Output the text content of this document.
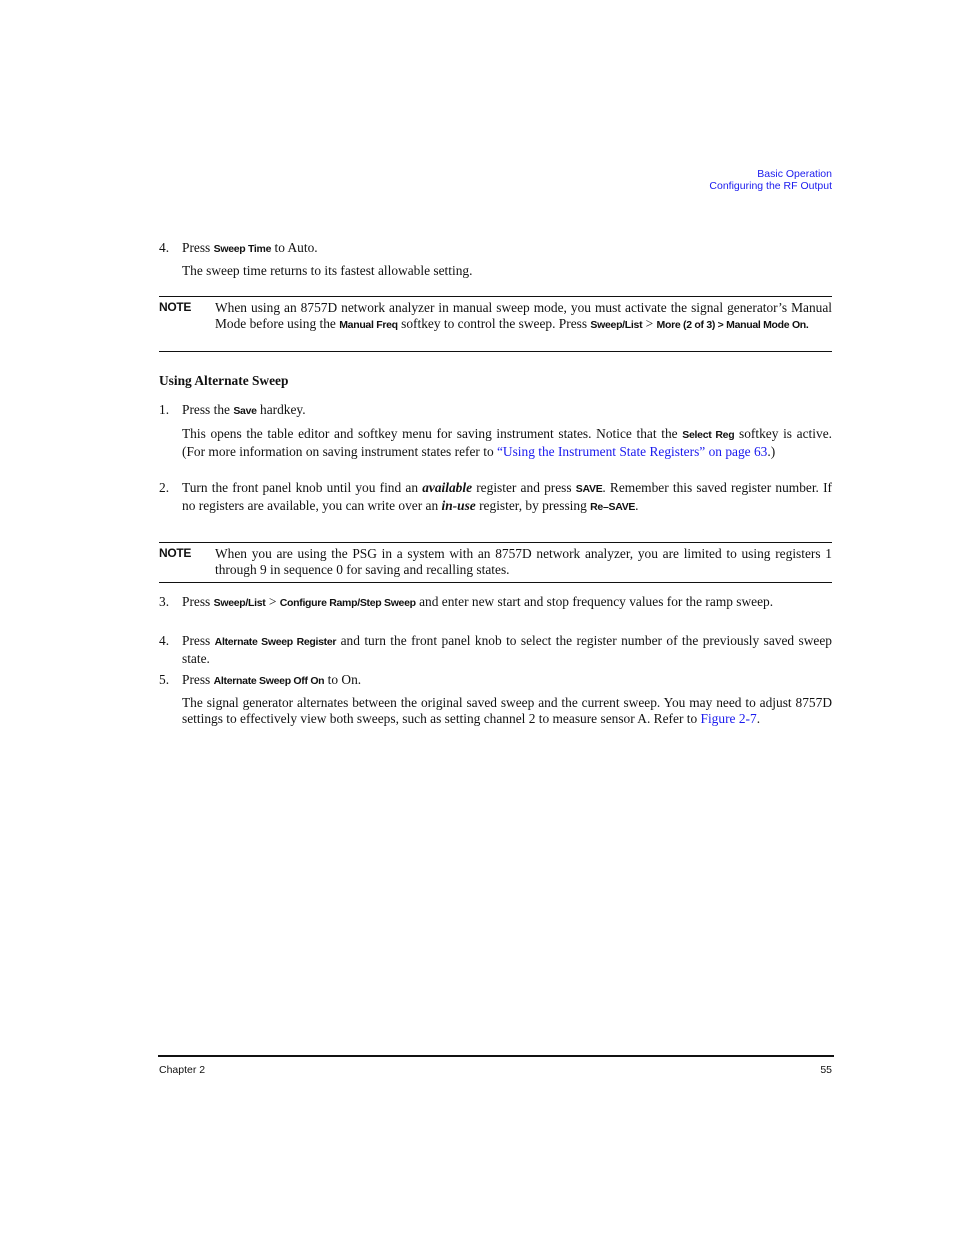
Basic Operation
Configuring the RF Output
4. Press Sweep Time to Auto.
The sweep time returns to its fastest allowable setting.
NOTE When using an 8757D network analyzer in manual sweep mode, you must activate the signal generator’s Manual Mode before using the Manual Freq softkey to control the sweep. Press Sweep/List > More (2 of 3) > Manual Mode On.
Using Alternate Sweep
1. Press the Save hardkey.
This opens the table editor and softkey menu for saving instrument states. Notice that the Select Reg softkey is active. (For more information on saving instrument states refer to “Using the Instrument State Registers” on page 63.)
2. Turn the front panel knob until you find an available register and press SAVE. Remember this saved register number. If no registers are available, you can write over an in-use register, by pressing Re–SAVE.
NOTE When you are using the PSG in a system with an 8757D network analyzer, you are limited to using registers 1 through 9 in sequence 0 for saving and recalling states.
3. Press Sweep/List > Configure Ramp/Step Sweep and enter new start and stop frequency values for the ramp sweep.
4. Press Alternate Sweep Register and turn the front panel knob to select the register number of the previously saved sweep state.
5. Press Alternate Sweep Off On to On.
The signal generator alternates between the original saved sweep and the current sweep. You may need to adjust 8757D settings to effectively view both sweeps, such as setting channel 2 to measure sensor A. Refer to Figure 2-7.
Chapter 2	55
